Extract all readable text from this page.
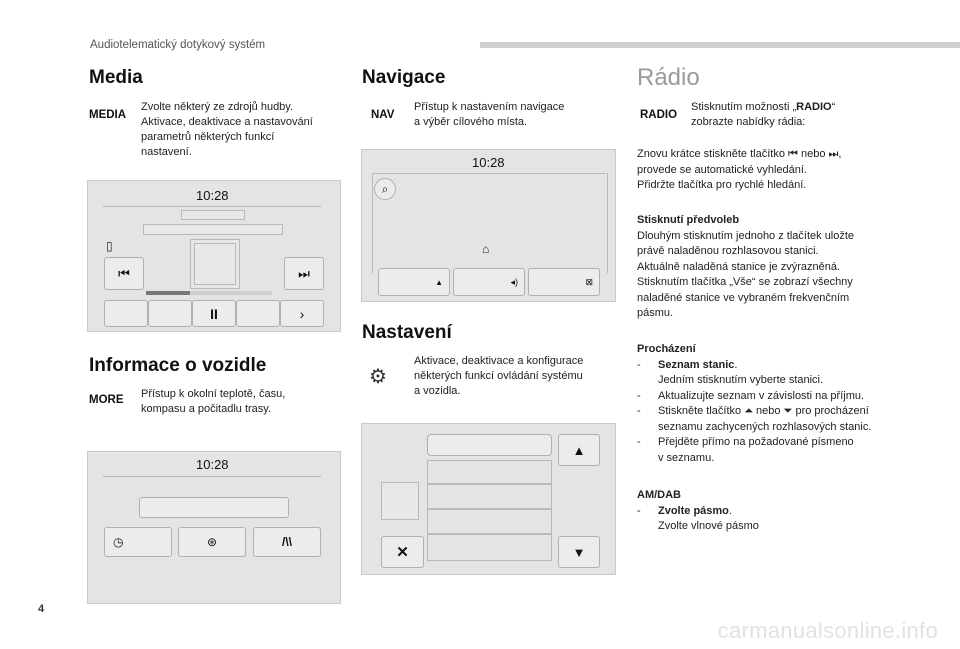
Audiotelematický dotykový systém
Media
MEDIA

Zvolte některý ze zdrojů hudby.

Aktivace, deaktivace a nastavování

parametrů některých funkcí

nastavení.

10:28
▯
⏮	⏭
II	›
Informace o vozidle
MORE Přístup k okolní teplotě, času,

kompasu a počitadlu trasy.

10:28
◷	⊛	/\\
Navigace
NAV

Přístup k nastavením navigace

a výběr cílového místa.

10:28
⌕
⌂
▲	◂)	⊠
Nastavení
⚙

Aktivace, deaktivace a konfigurace

některých funkcí ovládání systému

a vozidla.

▲
▼
✕
Rádio
RADIO

Stisknutím možnosti „RADIO“

zobrazte nabídky rádia:

Znovu krátce stiskněte tlačítko ⏮ nebo ⏭,

provede se automatické vyhledání.

Přidržte tlačítka pro rychlé hledání.

Stisknutí předvoleb

Dlouhým stisknutím jednoho z tlačítek uložte

právě naladěnou rozhlasovou stanici.

Aktuálně naladěná stanice je zvýrazněná.

Stisknutím tlačítka „Vše“ se zobrazí všechny

naladěné stanice ve vybraném frekvenčním

pásmu.

Procházení

- Seznam stanic.
Jedním stisknutím vyberte stanici.
- Aktualizujte seznam v závislosti na příjmu.
- Stiskněte tlačítko ⏶ nebo ⏷ pro procházení
seznamu zachycených rozhlasových stanic.
- Přejděte přímo na požadované písmeno
v seznamu.

AM/DAB

- Zvolte pásmo.
Zvolte vlnové pásmo
4
carmanualsonline.info
